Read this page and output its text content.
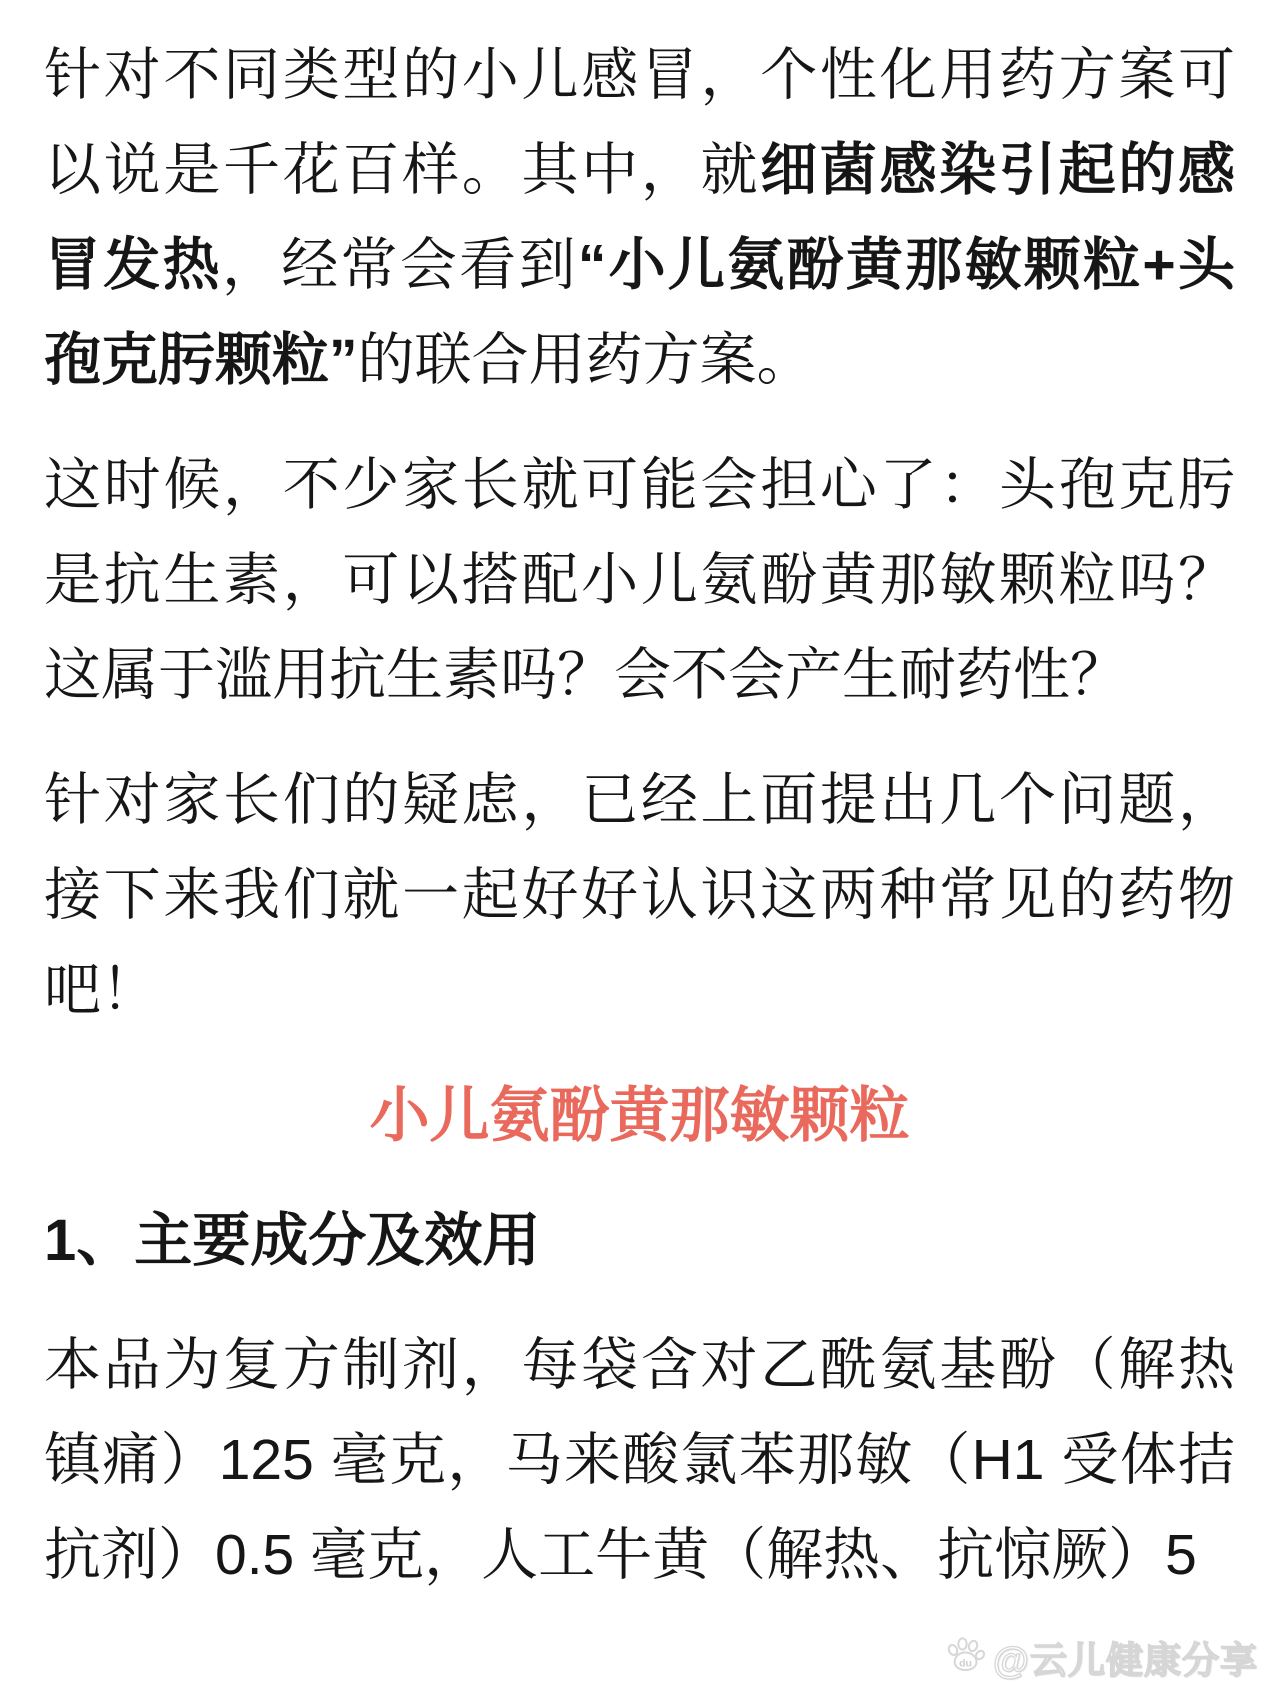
针对不同类型的小儿感冒，个性化用药方案可以说是千花百样。其中，就细菌感染引起的感冒发热，经常会看到“小儿氨酚黄那敏颗粒+头孢克肟颗粒”的联合用药方案。

这时候，不少家长就可能会担心了：头孢克肟是抗生素，可以搭配小儿氨酚黄那敏颗粒吗？这属于滥用抗生素吗？会不会产生耐药性？

针对家长们的疑虑，已经上面提出几个问题，接下来我们就一起好好认识这两种常见的药物吧！

小儿氨酚黄那敏颗粒
1、主要成分及效用

本品为复方制剂，每袋含对乙酰氨基酚（解热镇痛）125 毫克，马来酸氯苯那敏（H1 受体拮抗剂）0.5 毫克，人工牛黄（解热、抗惊厥）5

du @云儿健康分享
